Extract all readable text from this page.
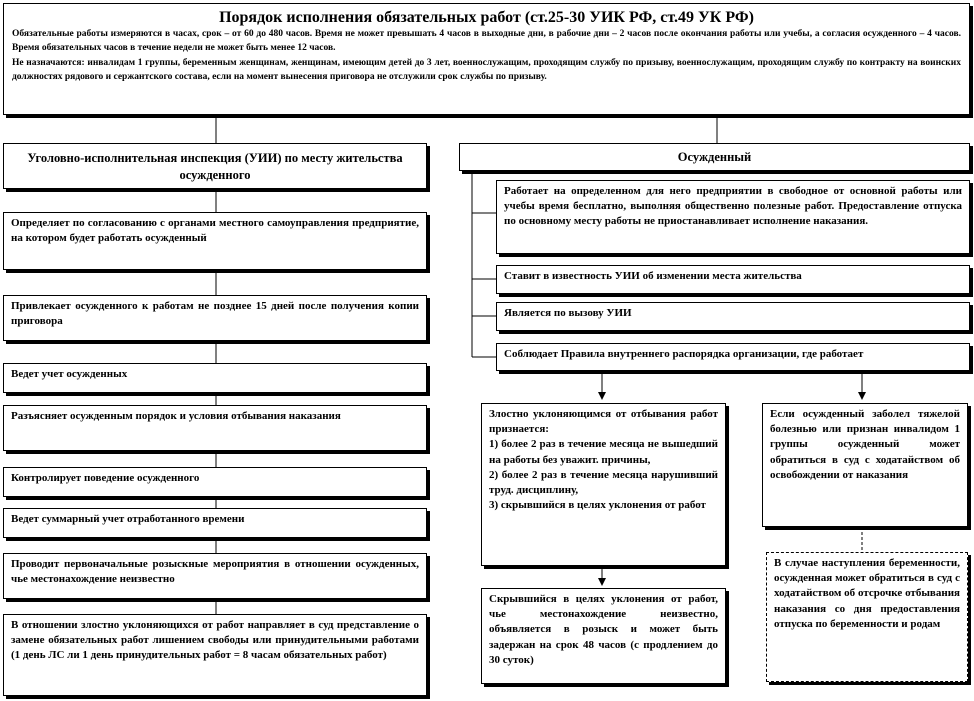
Порядок исполнения обязательных работ (ст.25-30 УИК РФ, ст.49 УК РФ)

Обязательные работы измеряются в часах, срок – от 60 до 480 часов. Время не может превышать 4 часов в выходные дни, в рабочие дни – 2 часов после окончания работы или учебы, а согласия осужденного – 4 часов. Время обязательных часов в течение недели не может быть менее 12 часов.

Не назначаются: инвалидам 1 группы, беременным женщинам, женщинам, имеющим детей до 3 лет, военнослужащим, проходящим службу по призыву, военнослужащим, проходящим службу по контракту на воинских должностях рядового и сержантского состава, если на момент вынесения приговора не отслужили срок службы по призыву.

Уголовно-исполнительная инспекция (УИИ) по месту жительства осужденного
Определяет по согласованию с органами местного самоуправления предприятие, на котором будет работать осужденный
Привлекает осужденного к работам не позднее 15 дней после получения копии приговора
Ведет учет осужденных
Разъясняет осужденным порядок и условия отбывания наказания
Контролирует поведение осужденного
Ведет суммарный учет отработанного времени
Проводит первоначальные розыскные мероприятия в отношении осужденных, чье местонахождение неизвестно
В отношении злостно уклоняющихся от работ направляет в суд представление о замене обязательных работ лишением свободы или принудительными работами (1 день ЛС ли 1 день принудительных работ = 8 часам обязательных работ)
Осужденный
Работает на определенном для него предприятии в свободное от основной работы или учебы время бесплатно, выполняя общественно полезные работ. Предоставление отпуска по основному месту работы не приостанавливает исполнение наказания.
Ставит в известность УИИ об изменении места жительства
Является по вызову УИИ
Соблюдает Правила внутреннего распорядка организации, где работает

Злостно уклоняющимся от отбывания работ признается:

1) более 2 раз в течение месяца не вышедший на работы без уважит. причины,

2) более 2 раз в течение месяца нарушивший труд. дисциплину,

3) скрывшийся в целях уклонения от работ

Скрывшийся в целях уклонения от работ, чье местонахождение неизвестно, объявляется в розыск и может быть задержан на срок 48 часов (с продлением до 30 суток)
Если осужденный заболел тяжелой болезнью или признан инвалидом 1 группы осужденный может обратиться в суд с ходатайством об освобождении от наказания
В случае наступления беременности, осужденная может обратиться в суд с ходатайством об отсрочке отбывания наказания со дня предоставления отпуска по беременности и родам
